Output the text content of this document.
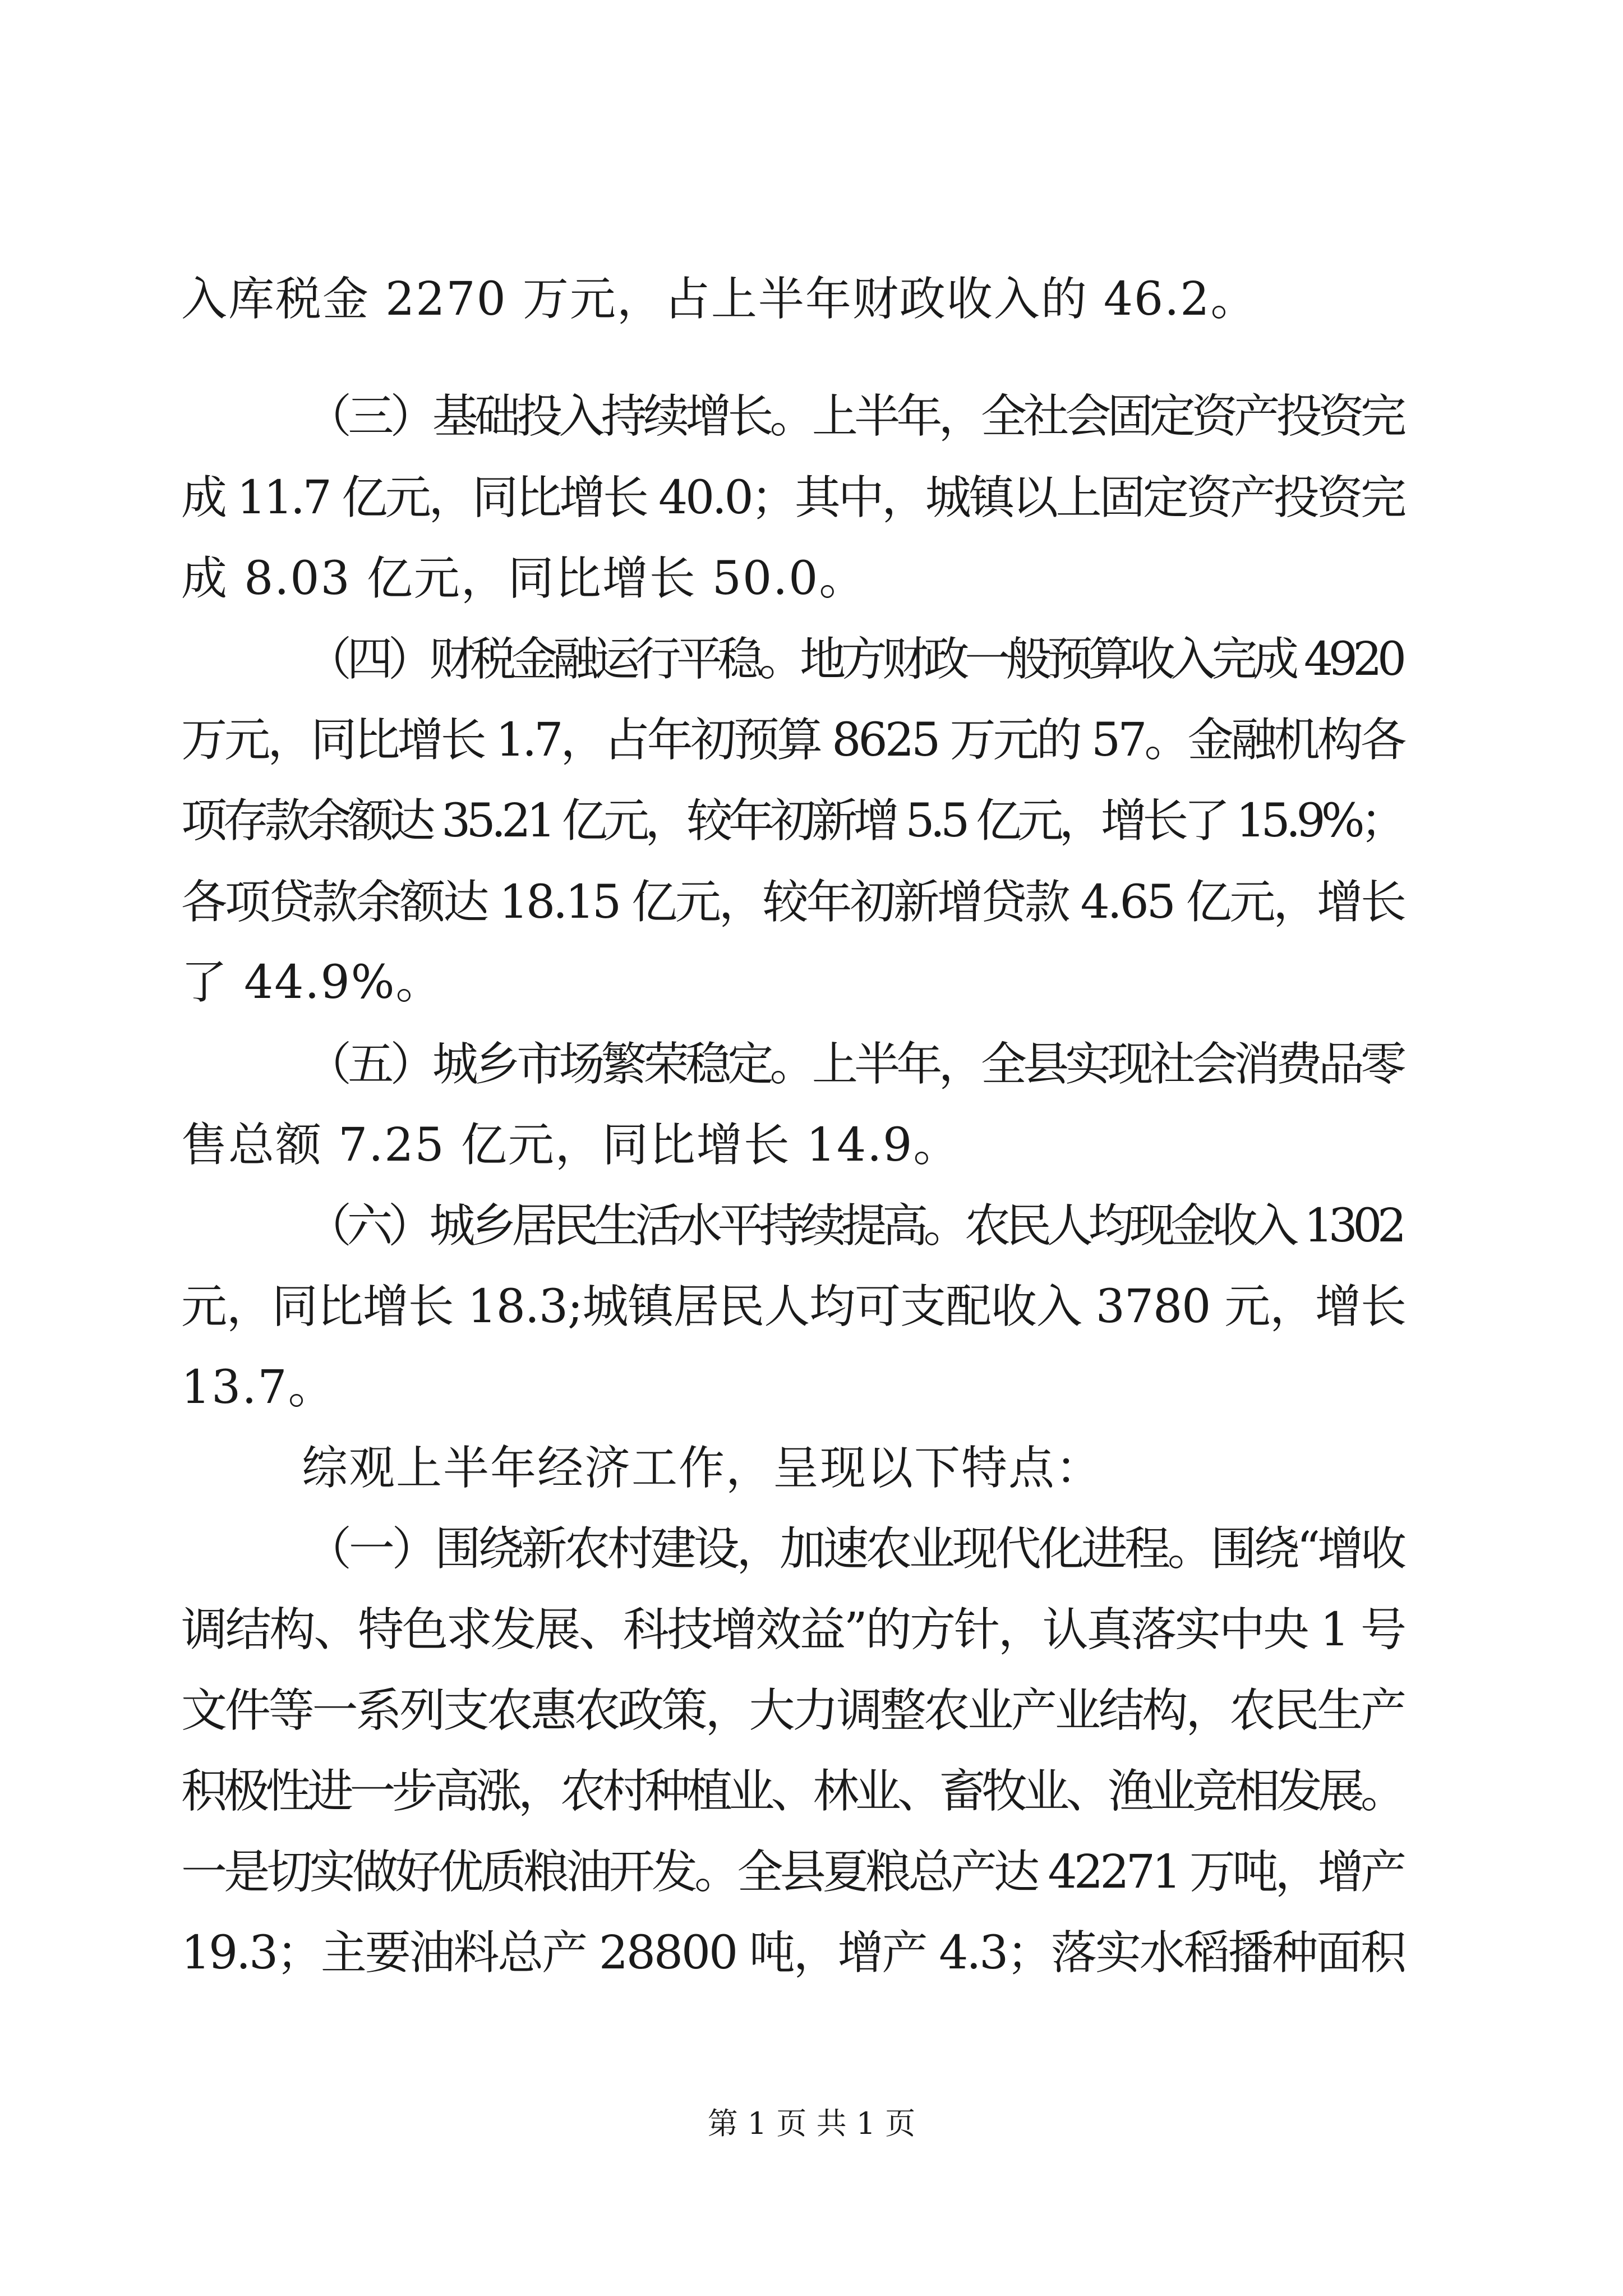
入库税金 2270 万元，占上半年财政收入的 46.2。
（三）基础投入持续增长。上半年，全社会固定资产投资完
成 11.7 亿元，同比增长 40.0；其中，城镇以上固定资产投资完
成 8.03 亿元，同比增长 50.0。
（四）财税金融运行平稳。地方财政一般预算收入完成 4920
万元，同比增长 1.7，占年初预算 8625 万元的 57。金融机构各
项存款余额达 35.21 亿元，较年初新增 5.5 亿元，增长了 15.9%；
各项贷款余额达 18.15 亿元，较年初新增贷款 4.65 亿元，增长
了 44.9%。
（五）城乡市场繁荣稳定。上半年，全县实现社会消费品零
售总额 7.25 亿元，同比增长 14.9。
（六）城乡居民生活水平持续提高。农民人均现金收入 1302
元，同比增长 18.3;城镇居民人均可支配收入 3780 元，增长
13.7。
综观上半年经济工作，呈现以下特点：
（一）围绕新农村建设，加速农业现代化进程。围绕“增收
调结构、特色求发展、科技增效益”的方针，认真落实中央 1 号
文件等一系列支农惠农政策，大力调整农业产业结构，农民生产
积极性进一步高涨，农村种植业、林业、畜牧业、渔业竞相发展。
一是切实做好优质粮油开发。全县夏粮总产达 42271 万吨，增产
19.3；主要油料总产 28800 吨，增产 4.3；落实水稻播种面积
第 1 页 共 1 页
